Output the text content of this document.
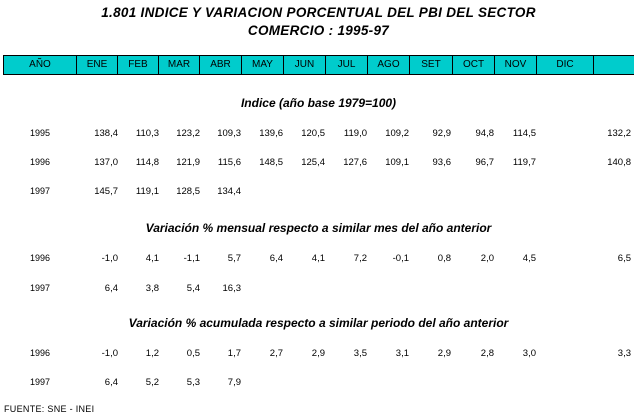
1.801 INDICE Y VARIACION PORCENTUAL DEL PBI DEL SECTOR
COMERCIO : 1995-97
AÑO	ENE	FEB	MAR	ABR	MAY	JUN	JUL	AGO	SET	OCT	NOV	DIC
Indice (año base 1979=100)
1995	138,4	110,3	123,2	109,3	139,6	120,5	119,0	109,2	92,9	94,8	114,5	132,2
1996	137,0	114,8	121,9	115,6	148,5	125,4	127,6	109,1	93,6	96,7	119,7	140,8
1997	145,7	119,1	128,5	134,4
Variación % mensual respecto a similar mes del año anterior
1996	-1,0	4,1	-1,1	5,7	6,4	4,1	7,2	-0,1	0,8	2,0	4,5	6,5
1997	6,4	3,8	5,4	16,3
Variación % acumulada respecto a similar periodo del año anterior
1996	-1,0	1,2	0,5	1,7	2,7	2,9	3,5	3,1	2,9	2,8	3,0	3,3
1997	6,4	5,2	5,3	7,9
FUENTE: SNE - INEI
